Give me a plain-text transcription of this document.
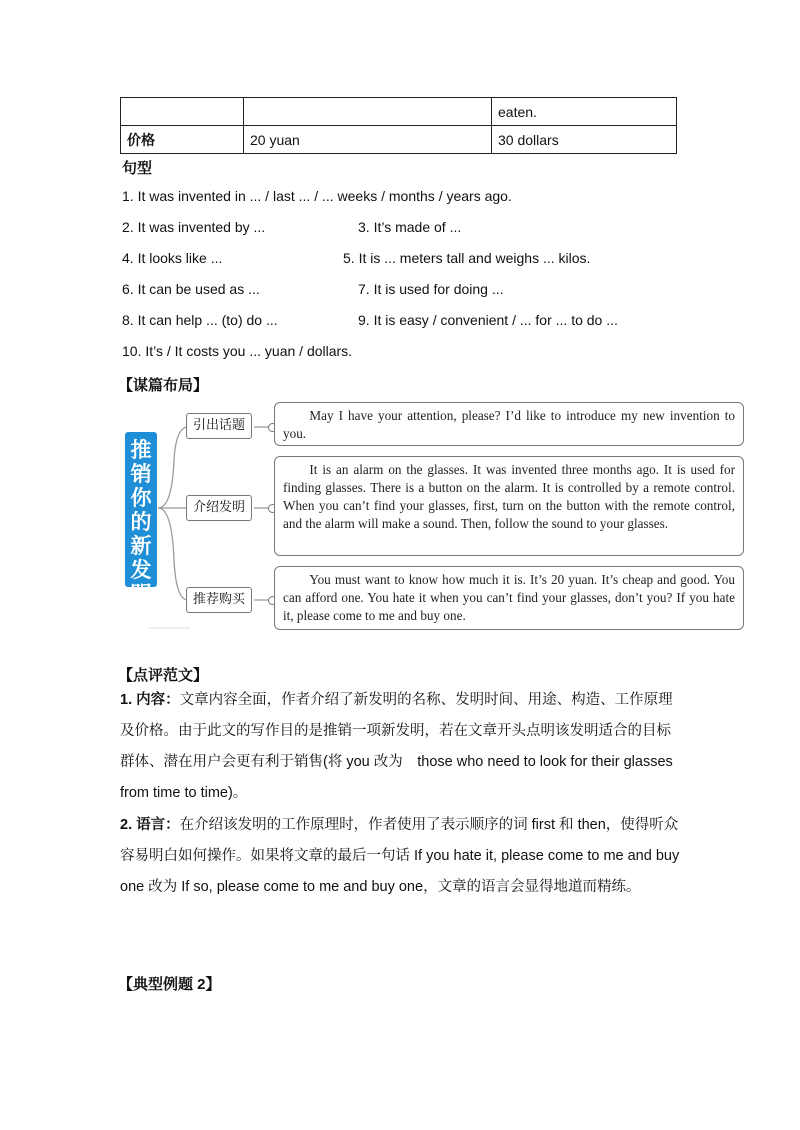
		eaten.
价格	20 yuan	30 dollars
句型
1. It was invented in ... / last ... / ... weeks / months / years ago.
2. It was invented by ...	3. It’s made of ...
4. It looks like ...	5. It is ... meters tall and weighs ... kilos.
6. It can be used as ...	7. It is used for doing ...
8. It can help ... (to) do ...	9. It is easy / convenient / ... for ... to do ...
10. It’s / It costs you ... yuan / dollars.
【谋篇布局】
推
销
你
的
新
发
明
引出话题
May I have your attention, please? I’d like to introduce my new invention to you.
介绍发明
It is an alarm on the glasses. It was invented three months ago. It is used for finding glasses. There is a button on the alarm. It is controlled by a remote control. When you can’t find your glasses, first, turn on the button with the remote control, and the alarm will make a sound. Then, follow the sound to your glasses.
推荐购买
You must want to know how much it is. It’s 20 yuan. It’s cheap and good. You can afford one. You hate it when you can’t find your glasses, don’t you? If you hate it, please come to me and buy one.
【点评范文】
1. 内容：文章内容全面，作者介绍了新发明的名称、发明时间、用途、构造、工作原理及价格。由于此文的写作目的是推销一项新发明，若在文章开头点明该发明适合的目标群体、潜在用户会更有利于销售(将 you 改为　those who need to look for their glasses from time to time)。
2. 语言：在介绍该发明的工作原理时，作者使用了表示顺序的词 first 和 then，使得听众容易明白如何操作。如果将文章的最后一句话 If you hate it, please come to me and buy one 改为 If so, please come to me and buy one，文章的语言会显得地道而精练。
【典型例题 2】
